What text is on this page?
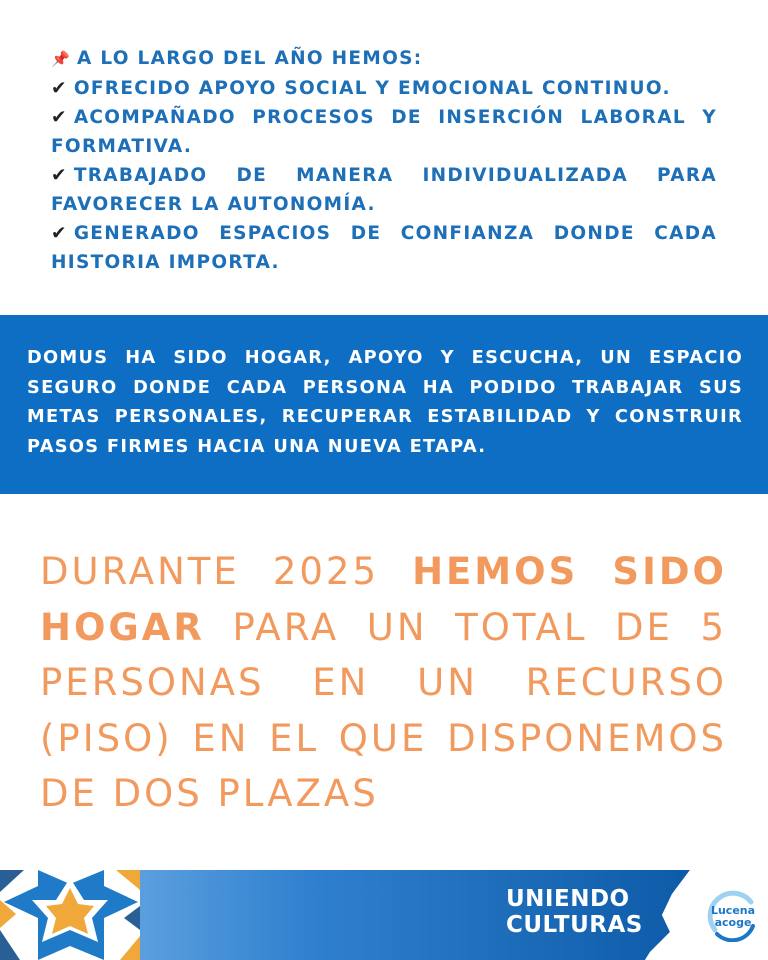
📌 A LO LARGO DEL AÑO HEMOS:
✔ OFRECIDO APOYO SOCIAL Y EMOCIONAL CONTINUO.
✔ ACOMPAÑADO PROCESOS DE INSERCIÓN LABORAL Y FORMATIVA.
✔ TRABAJADO DE MANERA INDIVIDUALIZADA PARA FAVORECER LA AUTONOMÍA.
✔ GENERADO ESPACIOS DE CONFIANZA DONDE CADA HISTORIA IMPORTA.
DOMUS HA SIDO HOGAR, APOYO Y ESCUCHA, UN ESPACIO SEGURO DONDE CADA PERSONA HA PODIDO TRABAJAR SUS METAS PERSONALES, RECUPERAR ESTABILIDAD Y CONSTRUIR PASOS FIRMES HACIA UNA NUEVA ETAPA.
DURANTE 2025 HEMOS SIDO HOGAR PARA UN TOTAL DE 5 PERSONAS EN UN RECURSO (PISO) EN EL QUE DISPONEMOS DE DOS PLAZAS
UNIENDO
CULTURAS
Lucena
acoge
